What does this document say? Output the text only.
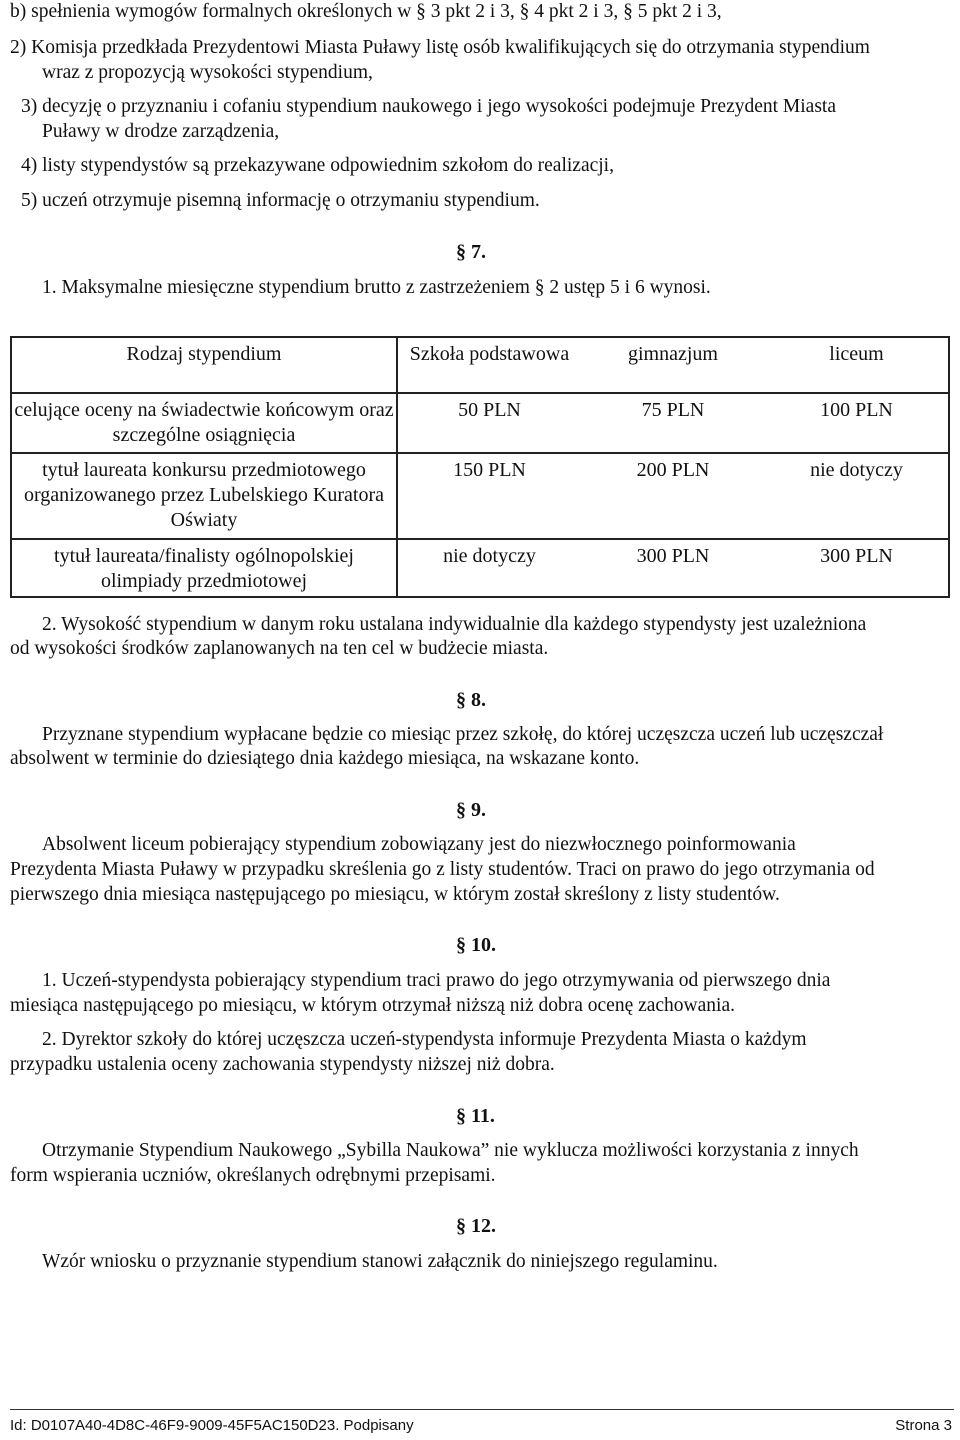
b) spełnienia wymogów formalnych określonych w § 3 pkt 2 i 3, § 4 pkt 2 i 3, § 5 pkt 2 i 3,
2) Komisja przedkłada Prezydentowi Miasta Puławy listę osób kwalifikujących się do otrzymania stypendium
wraz z propozycją wysokości stypendium,
3) decyzję o przyznaniu i cofaniu stypendium naukowego i jego wysokości podejmuje Prezydent Miasta
Puławy w drodze zarządzenia,
4) listy stypendystów są przekazywane odpowiednim szkołom do realizacji,
5) uczeń otrzymuje pisemną informację o otrzymaniu stypendium.
§ 7.
1. Maksymalne miesięczne stypendium brutto z zastrzeżeniem § 2 ustęp 5 i 6 wynosi.
Rodzaj stypendium	Szkoła podstawowa	gimnazjum	liceum
celujące oceny na świadectwie końcowym oraz szczególne osiągnięcia	50 PLN	75 PLN	100 PLN
tytuł laureata konkursu przedmiotowego organizowanego przez Lubelskiego Kuratora Oświaty	150 PLN	200 PLN	nie dotyczy
tytuł laureata/finalisty ogólnopolskiej olimpiady przedmiotowej	nie dotyczy	300 PLN	300 PLN
2. Wysokość stypendium w danym roku ustalana indywidualnie dla każdego stypendysty jest uzależniona
od wysokości środków zaplanowanych na ten cel w budżecie miasta.
§ 8.
Przyznane stypendium wypłacane będzie co miesiąc przez szkołę, do której uczęszcza uczeń lub uczęszczał
absolwent w terminie do dziesiątego dnia każdego miesiąca, na wskazane konto.
§ 9.
Absolwent liceum pobierający stypendium zobowiązany jest do niezwłocznego poinformowania
Prezydenta Miasta Puławy w przypadku skreślenia go z listy studentów. Traci on prawo do jego otrzymania od
pierwszego dnia miesiąca następującego po miesiącu, w którym został skreślony z listy studentów.
§ 10.
1. Uczeń-stypendysta pobierający stypendium traci prawo do jego otrzymywania od pierwszego dnia
miesiąca następującego po miesiącu, w którym otrzymał niższą niż dobra ocenę zachowania.
2. Dyrektor szkoły do której uczęszcza uczeń-stypendysta informuje Prezydenta Miasta o każdym
przypadku ustalenia oceny zachowania stypendysty niższej niż dobra.
§ 11.
Otrzymanie Stypendium Naukowego „Sybilla Naukowa” nie wyklucza możliwości korzystania z innych
form wspierania uczniów, określanych odrębnymi przepisami.
§ 12.
Wzór wniosku o przyznanie stypendium stanowi załącznik do niniejszego regulaminu.
Id: D0107A40-4D8C-46F9-9009-45F5AC150D23. Podpisany	Strona 3
